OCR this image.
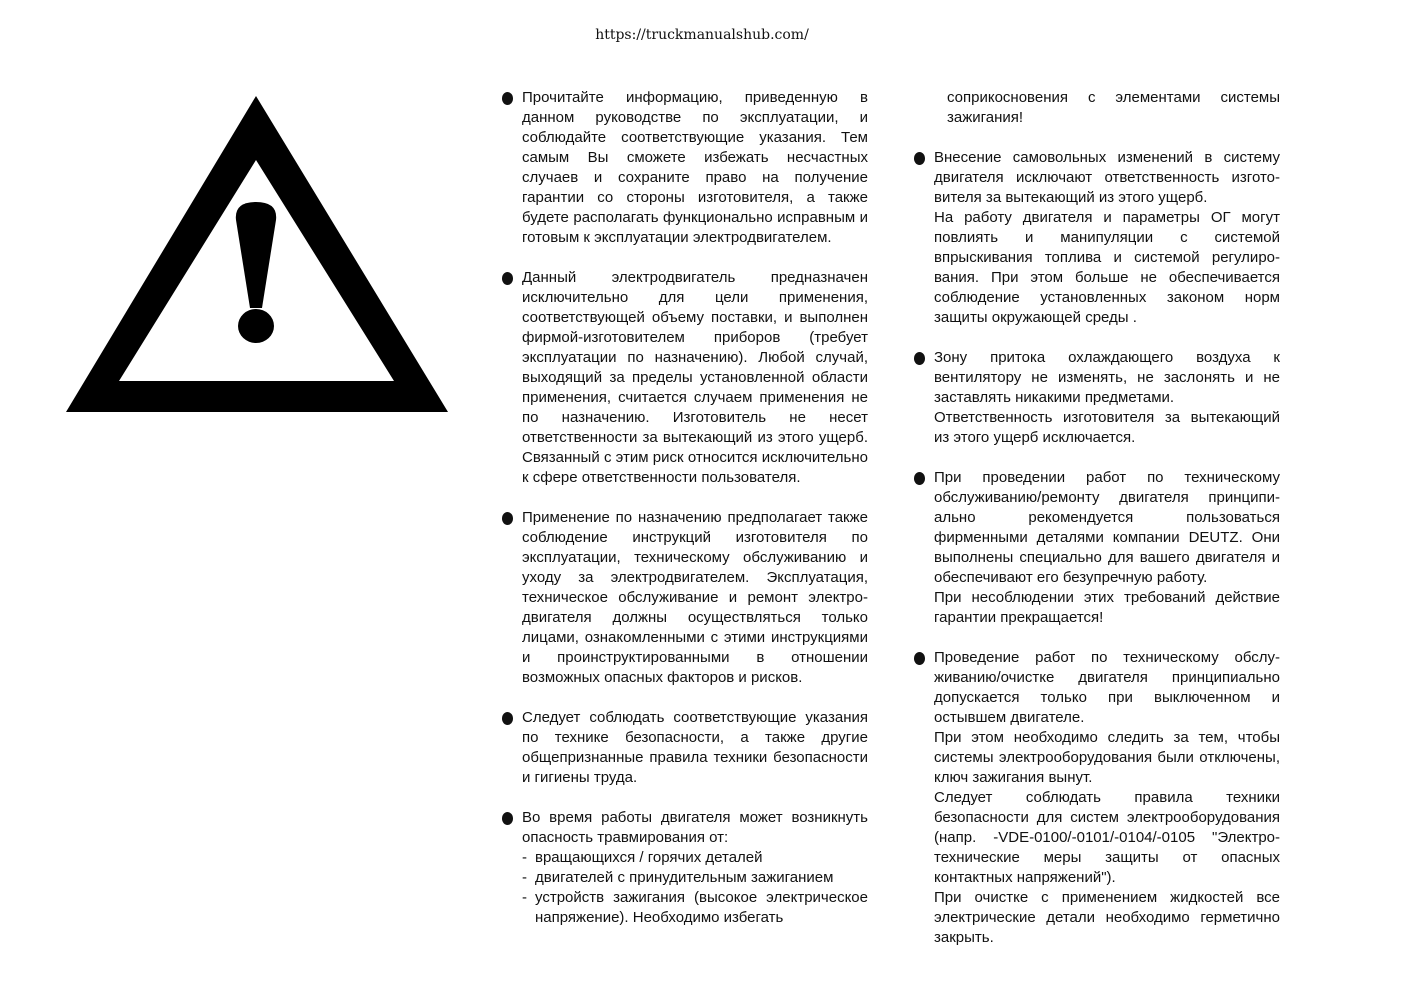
https://truckmanualshub.com/
Прочитайте информацию, приведенную в данном руководстве по эксплуатации, и соблюдайте соответствующие указания. Тем самым Вы сможете избежать несчастных случаев и сохраните право на получение гарантии со стороны изготовителя, а также будете располагать функционально исправным и готовым к эксплуатации электродвигателем.
Данный электродвигатель предназначен исключительно для цели применения, соответствующей объему поставки, и выполнен фирмой-изготовителем приборов (требует эксплуатации по назначению). Любой случай, выходящий за пределы установленной области применения, считается случаем применения не по назначению. Изготовитель не несет ответственности за вытекающий из этого ущерб. Связанный с этим риск относится исключительно к сфере ответственности пользователя.
Применение по назначению предполагает также соблюдение инструкций изготовителя по эксплуатации, техническому обслуживанию и уходу за электродвигателем. Эксплуатация, техническое обслуживание и ремонт электро-двигателя должны осуществляться только лицами, ознакомленными с этими инструкциями и проинструктированными в отношении возможных опасных факторов и рисков.
Следует соблюдать соответствующие указания по технике безопасности, а также другие общепризнанные правила техники безопасности и гигиены труда.
Во время работы двигателя может возникнуть опасность травмирования от:
- вращающихся / горячих деталей
- двигателей с принудительным зажиганием
- устройств зажигания (высокое электрическое напряжение). Необходимо избегать
соприкосновения с элементами системы зажигания!
Внесение самовольных изменений в систему двигателя исключают ответственность изгото-вителя за вытекающий из этого ущерб.
На работу двигателя и параметры ОГ могут повлиять и манипуляции с системой впрыскивания топлива и системой регулиро-вания. При этом больше не обеспечивается соблюдение установленных законом норм защиты окружающей среды .
Зону притока охлаждающего воздуха к вентилятору не изменять, не заслонять и не заставлять никакими предметами.
Ответственность изготовителя за вытекающий из этого ущерб исключается.
При проведении работ по техническому обслуживанию/ремонту двигателя принципи-ально рекомендуется пользоваться фирменными деталями компании DEUTZ. Они выполнены специально для вашего двигателя и обеспечивают его безупречную работу.
При несоблюдении этих требований действие гарантии прекращается!
Проведение работ по техническому обслу-живанию/очистке двигателя принципиально допускается только при выключенном и остывшем двигателе.
При этом необходимо следить за тем, чтобы системы электрооборудования были отключены, ключ зажигания вынут.
Следует соблюдать правила техники безопасности для систем электрооборудования (напр. -VDE-0100/-0101/-0104/-0105 "Электро-технические меры защиты от опасных контактных напряжений").
При очистке с применением жидкостей все электрические детали необходимо герметично закрыть.
